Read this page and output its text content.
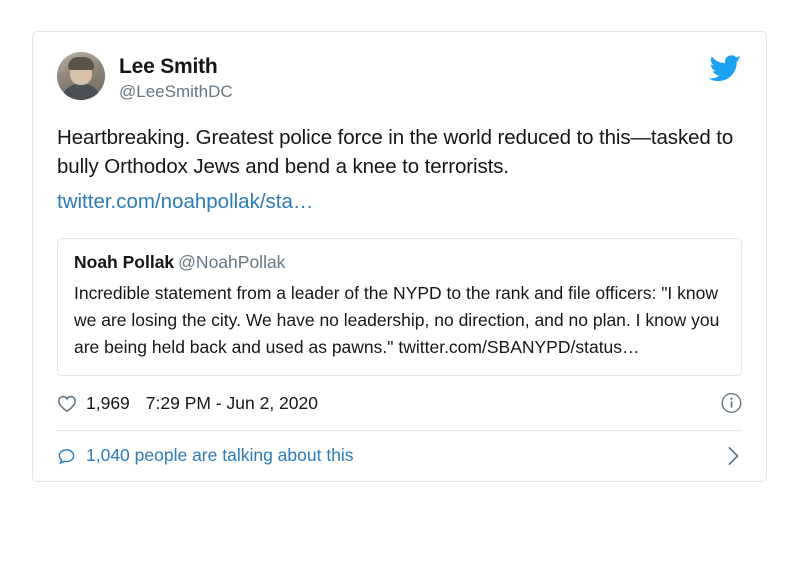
Lee Smith
@LeeSmithDC
Heartbreaking. Greatest police force in the world reduced to this—tasked to bully Orthodox Jews and bend a knee to terrorists.
twitter.com/noahpollak/sta…
Noah Pollak @NoahPollak
Incredible statement from a leader of the NYPD to the rank and file officers: "I know we are losing the city. We have no leadership, no direction, and no plan. I know you are being held back and used as pawns." twitter.com/SBANYPD/status…
1,969 7:29 PM - Jun 2, 2020
1,040 people are talking about this
